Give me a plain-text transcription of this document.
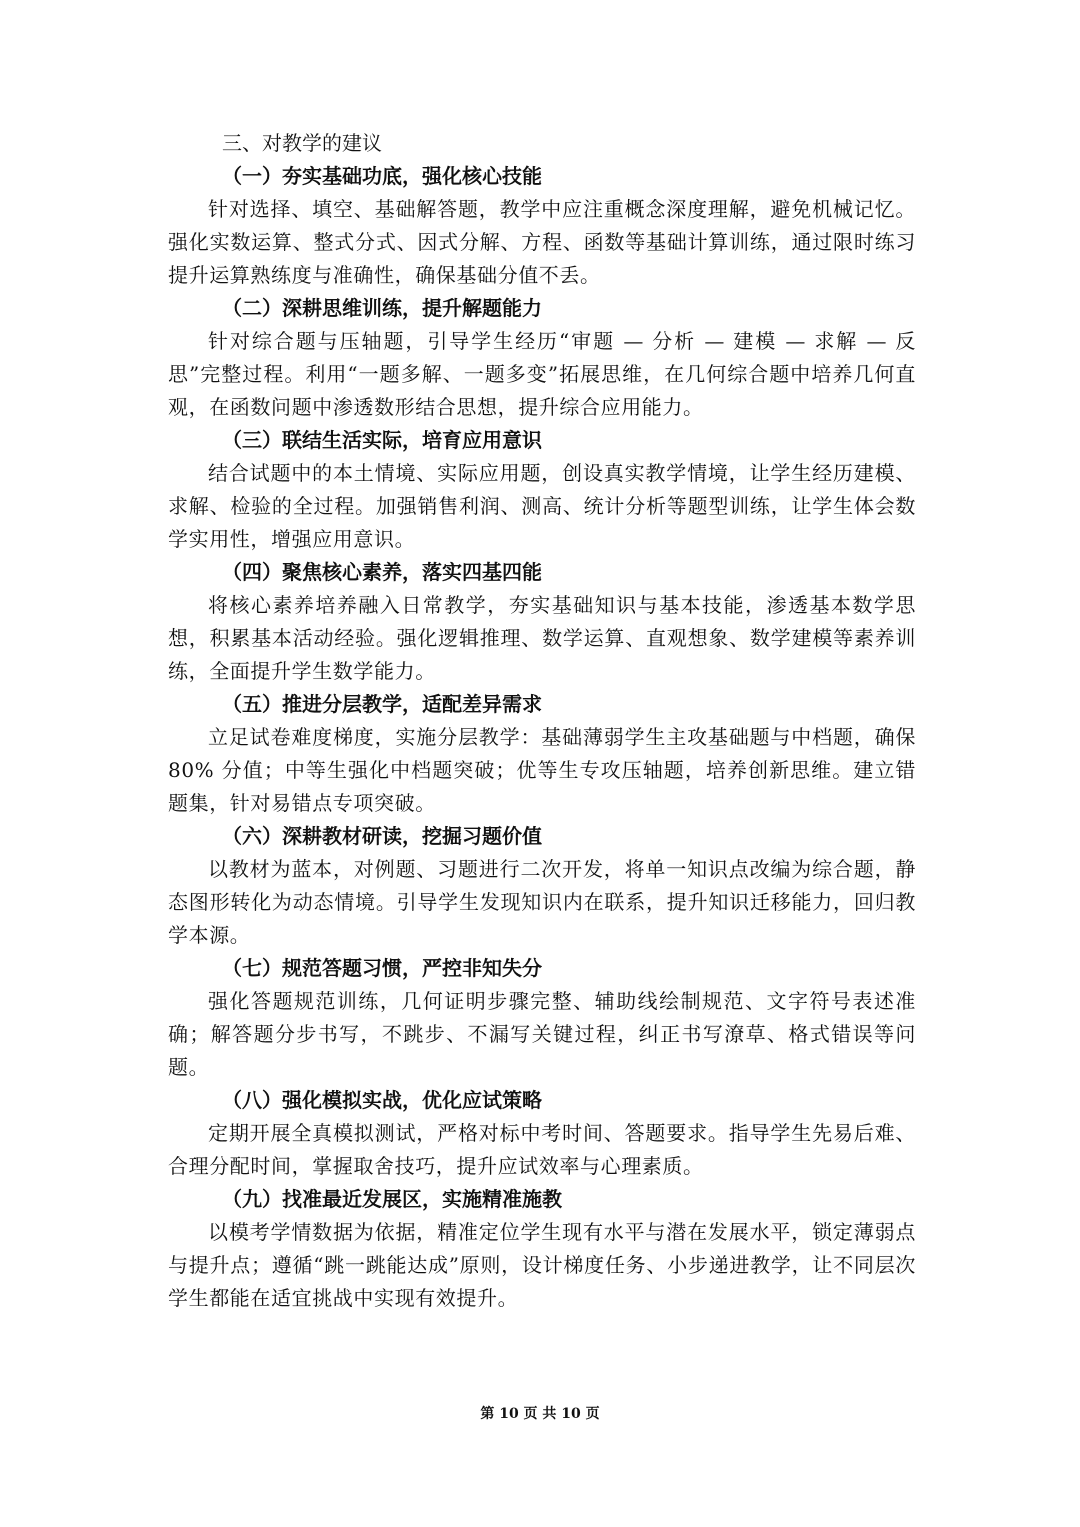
三、对教学的建议

（一）夯实基础功底，强化核心技能

针对选择、填空、基础解答题，教学中应注重概念深度理解，避免机械记忆。强化实数运算、整式分式、因式分解、方程、函数等基础计算训练，通过限时练习提升运算熟练度与准确性，确保基础分值不丢。

（二）深耕思维训练，提升解题能力

针对综合题与压轴题，引导学生经历“审题 — 分析 — 建模 — 求解 — 反思”完整过程。利用“一题多解、一题多变”拓展思维，在几何综合题中培养几何直观，在函数问题中渗透数形结合思想，提升综合应用能力。

（三）联结生活实际，培育应用意识

结合试题中的本土情境、实际应用题，创设真实教学情境，让学生经历建模、求解、检验的全过程。加强销售利润、测高、统计分析等题型训练，让学生体会数学实用性，增强应用意识。

（四）聚焦核心素养，落实四基四能

将核心素养培养融入日常教学，夯实基础知识与基本技能，渗透基本数学思想，积累基本活动经验。强化逻辑推理、数学运算、直观想象、数学建模等素养训练，全面提升学生数学能力。

（五）推进分层教学，适配差异需求

立足试卷难度梯度，实施分层教学：基础薄弱学生主攻基础题与中档题，确保 80% 分值；中等生强化中档题突破；优等生专攻压轴题，培养创新思维。建立错题集，针对易错点专项突破。

（六）深耕教材研读，挖掘习题价值

以教材为蓝本，对例题、习题进行二次开发，将单一知识点改编为综合题，静态图形转化为动态情境。引导学生发现知识内在联系，提升知识迁移能力，回归教学本源。

（七）规范答题习惯，严控非知失分

强化答题规范训练，几何证明步骤完整、辅助线绘制规范、文字符号表述准确；解答题分步书写，不跳步、不漏写关键过程，纠正书写潦草、格式错误等问题。

（八）强化模拟实战，优化应试策略

定期开展全真模拟测试，严格对标中考时间、答题要求。指导学生先易后难、合理分配时间，掌握取舍技巧，提升应试效率与心理素质。

（九）找准最近发展区，实施精准施教

以模考学情数据为依据，精准定位学生现有水平与潜在发展水平，锁定薄弱点与提升点；遵循“跳一跳能达成”原则，设计梯度任务、小步递进教学，让不同层次学生都能在适宜挑战中实现有效提升。

第 10 页 共 10 页
